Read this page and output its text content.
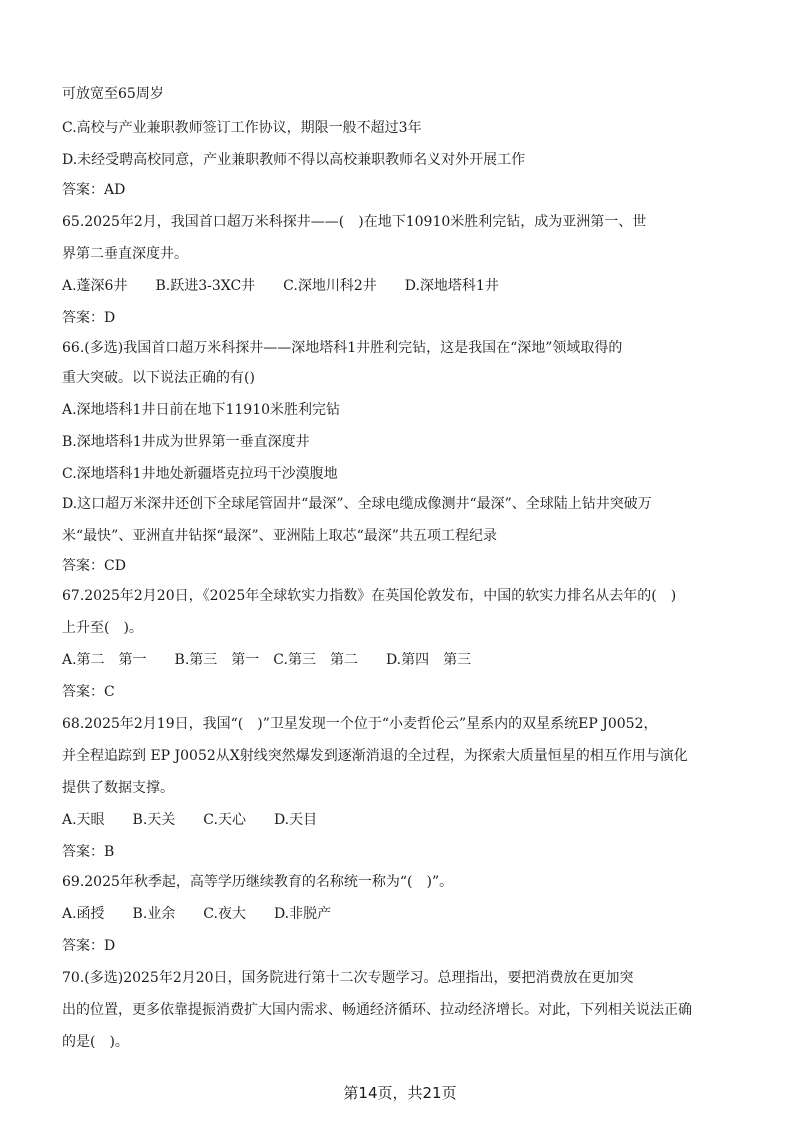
可放宽至65周岁
C.高校与产业兼职教师签订工作协议，期限一般不超过3年
D.未经受聘高校同意，产业兼职教师不得以高校兼职教师名义对外开展工作
答案：AD
65.2025年2月，我国首口超万米科探井——(　)在地下10910米胜利完钻，成为亚洲第一、世
界第二垂直深度井。
A.蓬深6井　　B.跃进3-3XC井　　C.深地川科2井　　D.深地塔科1井
答案：D
66.(多选)我国首口超万米科探井——深地塔科1井胜利完钻，这是我国在“深地”领域取得的
重大突破。以下说法正确的有()
A.深地塔科1井日前在地下11910米胜利完钻
B.深地塔科1井成为世界第一垂直深度井
C.深地塔科1井地处新疆塔克拉玛干沙漠腹地
D.这口超万米深井还创下全球尾管固井“最深”、全球电缆成像测井“最深”、全球陆上钻井突破万
米“最快”、亚洲直井钻探“最深”、亚洲陆上取芯“最深”共五项工程纪录
答案：CD
67.2025年2月20日，《2025年全球软实力指数》在英国伦敦发布，中国的软实力排名从去年的(　)
上升至(　)。
A.第二　第一　　B.第三　第一　C.第三　第二　　D.第四　第三
答案：C
68.2025年2月19日，我国“(　)”卫星发现一个位于“小麦哲伦云”星系内的双星系统EP J0052，
并全程追踪到 EP J0052从X射线突然爆发到逐渐消退的全过程，为探索大质量恒星的相互作用与演化
提供了数据支撑。
A.天眼　　B.天关　　C.天心　　D.天目
答案：B
69.2025年秋季起，高等学历继续教育的名称统一称为“(　)”。
A.函授　　B.业余　　C.夜大　　D.非脱产
答案：D
70.(多选)2025年2月20日，国务院进行第十二次专题学习。总理指出，要把消费放在更加突
出的位置，更多依靠提振消费扩大国内需求、畅通经济循环、拉动经济增长。对此，下列相关说法正确
的是(　)。
第14页，共21页
